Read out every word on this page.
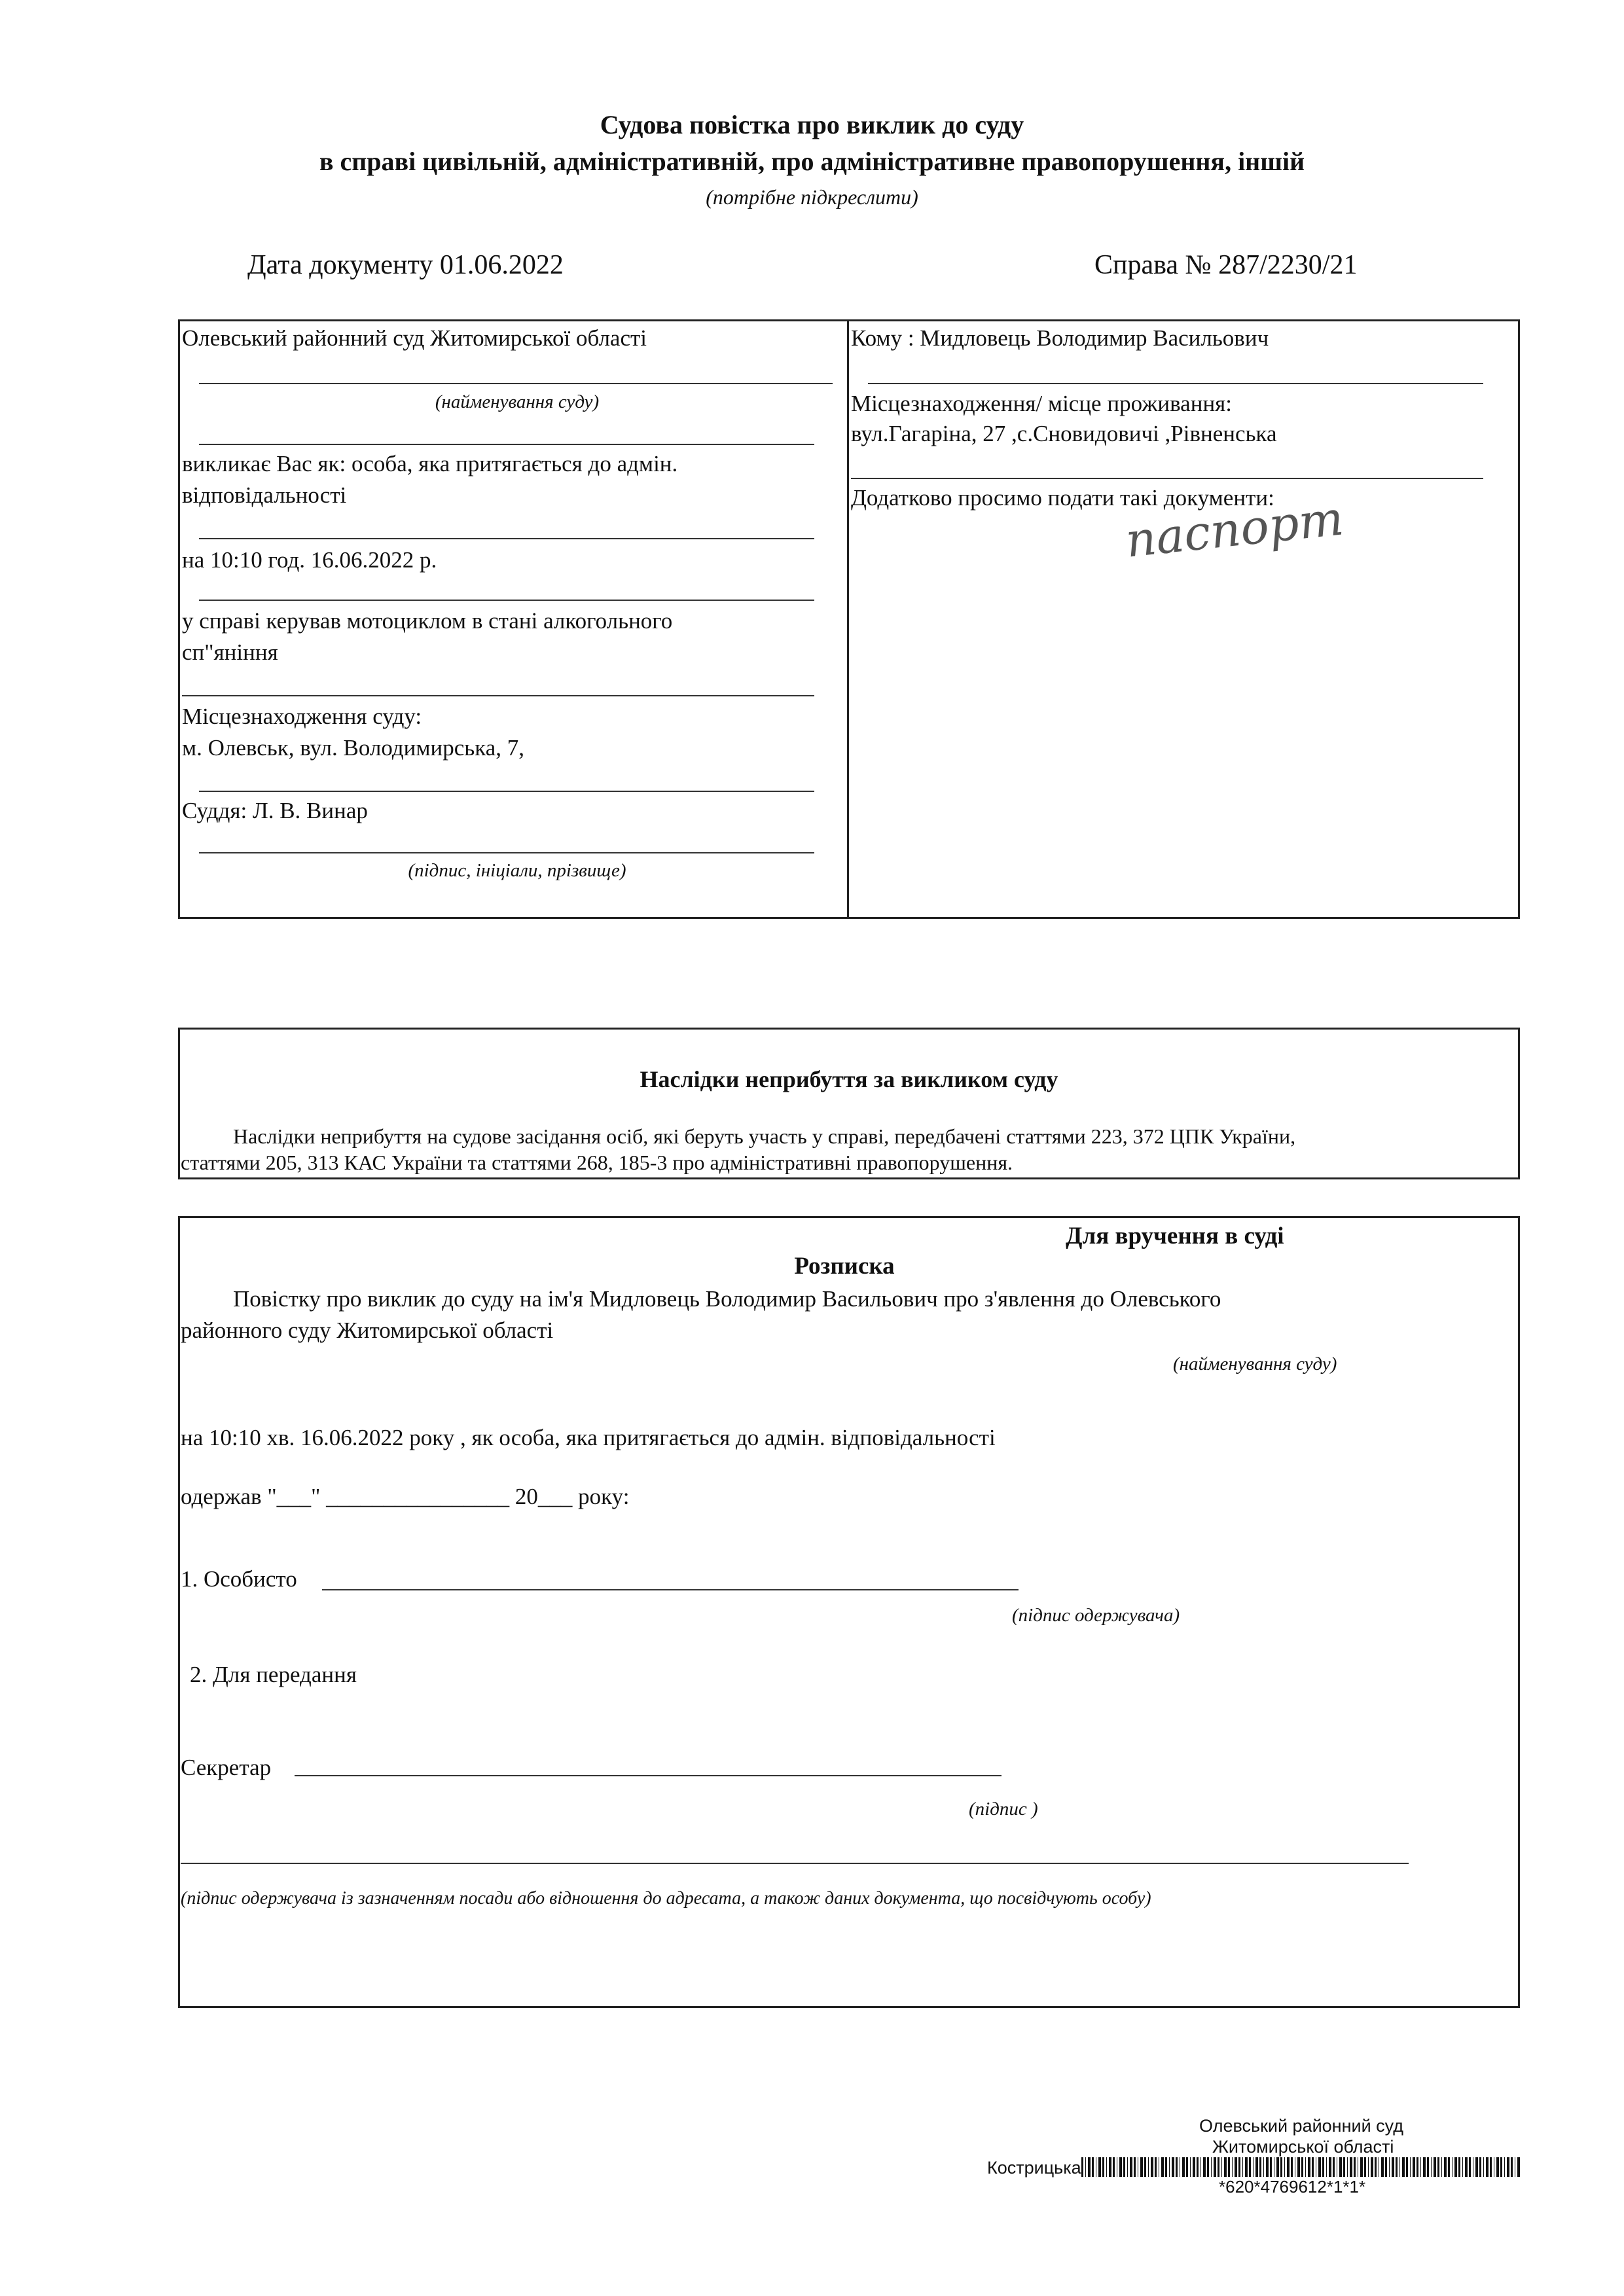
Судова повістка про виклик до суду
в справі цивільній, адміністративній, про адміністративне правопорушення, іншій
(потрібне підкреслити)
Дата документу 01.06.2022	Справа № 287/2230/21
Олевський районний суд Житомирської області
(найменування суду)
викликає Вас як: особа, яка притягається до адмін.
відповідальності
на 10:10 год. 16.06.2022 р.
у справі керував мотоциклом в стані алкогольного
сп"яніння
Місцезнаходження суду:
м. Олевськ, вул. Володимирська, 7,
Суддя: Л. В. Винар
(підпис, ініціали, прізвище)
Кому : Мидловець Володимир Васильович
Місцезнаходження/ місце проживання:
вул.Гагаріна, 27 ,с.Сновидовичі ,Рівненська
Додатково просимо подати такі документи:
паспорт
Наслідки неприбуття за викликом суду
Наслідки неприбуття на судове засідання осіб, які беруть участь у справі, передбачені статтями 223, 372 ЦПК України,
статтями 205, 313 КАС України та статтями 268, 185-3 про адміністративні правопорушення.
Для вручення в суді
Розписка
Повістку про виклик до суду на ім'я Мидловець Володимир Васильович про з'явлення до Олевського
районного суду Житомирської області
(найменування суду)
на 10:10 хв. 16.06.2022 року , як особа, яка притягається до адмін. відповідальності
одержав "___" ________________ 20___ року:
1. Особисто
(підпис одержувача)
2. Для передання
Секретар
(підпис )
(підпис одержувача із зазначенням посади або відношення до адресата, а також даних документа, що посвідчують особу)
Олевський районний суд
Житомирської області
Кострицька
*620*4769612*1*1*
